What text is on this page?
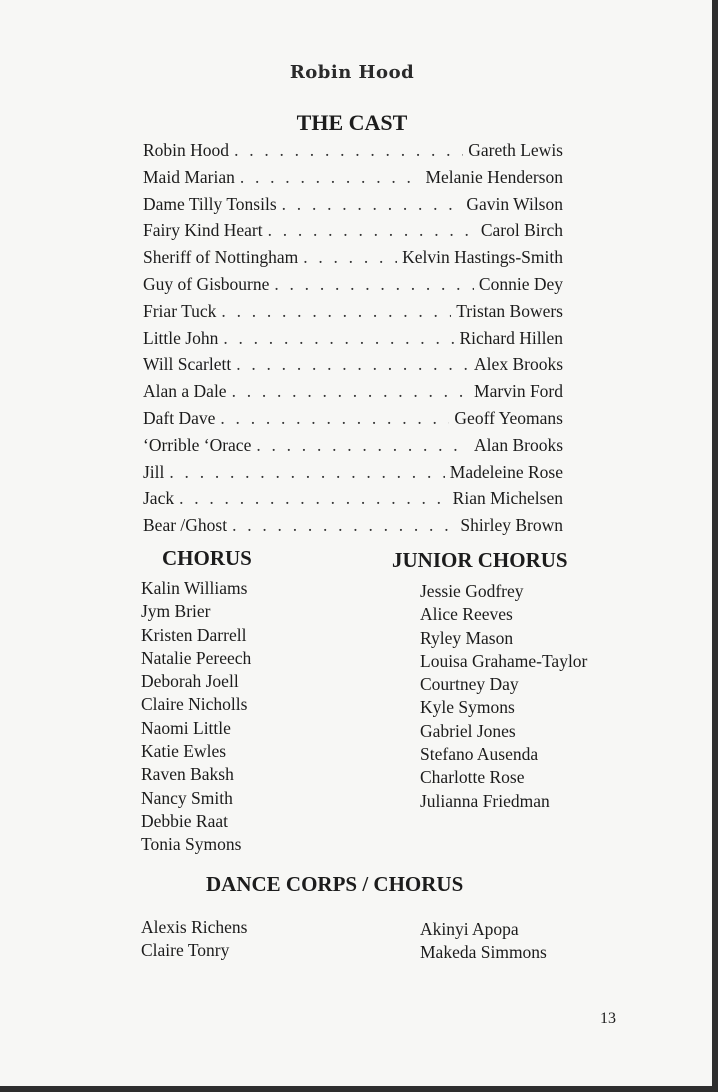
Robin Hood
THE CAST
Robin Hood . . .	Gareth Lewis
Maid Marian . . .	Melanie Henderson
Dame Tilly Tonsils . . .	Gavin Wilson
Fairy Kind Heart . . .	Carol Birch
Sheriff of Nottingham . . .	Kelvin Hastings-Smith
Guy of Gisbourne . . .	Connie Dey
Friar Tuck . . .	Tristan Bowers
Little John . . .	Richard Hillen
Will Scarlett . . .	Alex Brooks
Alan a Dale . . .	Marvin Ford
Daft Dave . . .	Geoff Yeomans
‘Orrible ‘Orace . . .	Alan Brooks
Jill . . .	Madeleine Rose
Jack . . .	Rian Michelsen
Bear /Ghost . . .	Shirley Brown
CHORUS	JUNIOR CHORUS
Kalin Williams
Jym Brier
Kristen Darrell
Natalie Pereech
Deborah Joell
Claire Nicholls
Naomi Little
Katie Ewles
Raven Baksh
Nancy Smith
Debbie Raat
Tonia Symons
Jessie Godfrey
Alice Reeves
Ryley Mason
Louisa Grahame-Taylor
Courtney Day
Kyle Symons
Gabriel Jones
Stefano Ausenda
Charlotte Rose
Julianna Friedman
DANCE CORPS / CHORUS
Alexis Richens
Claire Tonry
Akinyi Apopa
Makeda Simmons
13
